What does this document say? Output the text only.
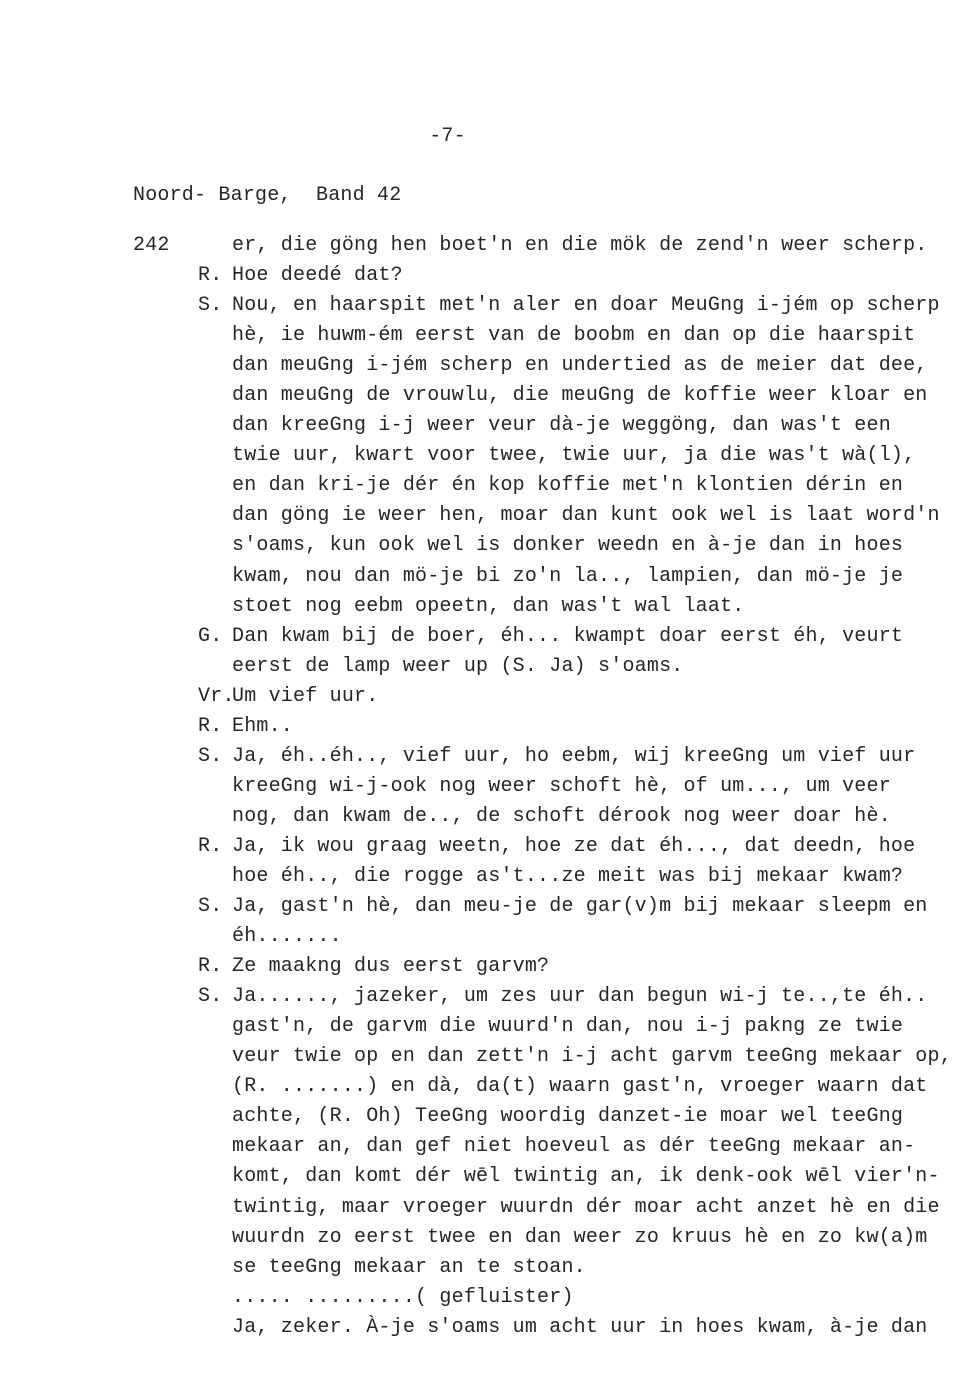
-7-
Noord- Barge,  Band 42
242	er, die göng hen boet'n en die mök de zend'n weer scherp.
R. Hoe deedé dat?
S. Nou, en haarspit met'n aler en doar MeuGng i-jém op scherp
hè, ie huwm-ém eerst van de boobm en dan op die haarspit
dan meuGng i-jém scherp en undertied as de meier dat dee,
dan meuGng de vrouwlu, die meuGng de koffie weer kloar en
dan kreeGng i-j weer veur dà-je weggöng, dan was't een
twie uur, kwart voor twee, twie uur, ja die was't wà(l),
en dan kri-je dér én kop koffie met'n klontien dérin en
dan göng ie weer hen, moar dan kunt ook wel is laat word'n
s'oams, kun ook wel is donker weedn en à-je dan in hoes
kwam, nou dan mö-je bi zo'n la.., lampien, dan mö-je je
stoet nog eebm opeetn, dan was't wal laat.
G. Dan kwam bij de boer, éh... kwampt doar eerst éh, veurt
eerst de lamp weer up (S. Ja) s'oams.
Vr.
Um vief uur.
R. Ehm..
S. Ja, éh..éh.., vief uur, ho eebm, wij kreeGng um vief uur
kreeGng wi-j-ook nog weer schoft hè, of um..., um veer
nog, dan kwam de.., de schoft dérook nog weer doar hè.
R. Ja, ik wou graag weetn, hoe ze dat éh..., dat deedn, hoe
hoe éh.., die rogge as't...ze meit was bij mekaar kwam?
S. Ja, gast'n hè, dan meu-je de gar(v)m bij mekaar sleepm en
éh.......
R. Ze maakng dus eerst garvm?
S. Ja......, jazeker, um zes uur dan begun wi-j te..,te éh..
gast'n, de garvm die wuurd'n dan, nou i-j pakng ze twie
veur twie op en dan zett'n i-j acht garvm teeGng mekaar op,
(R. .......) en dà, da(t) waarn gast'n, vroeger waarn dat
achte, (R. Oh) TeeGng woordig danzet-ie moar wel teeGng
mekaar an, dan gef niet hoeveul as dér teeGng mekaar an-
komt, dan komt dér wēl twintig an, ik denk-ook wēl vier'n-
twintig, maar vroeger wuurdn dér moar acht anzet hè en die
wuurdn zo eerst twee en dan weer zo kruus hè en zo kw(a)m
se teeGng mekaar an te stoan.
..... .........( gefluister)
Ja, zeker. À-je s'oams um acht uur in hoes kwam, à-je dan
